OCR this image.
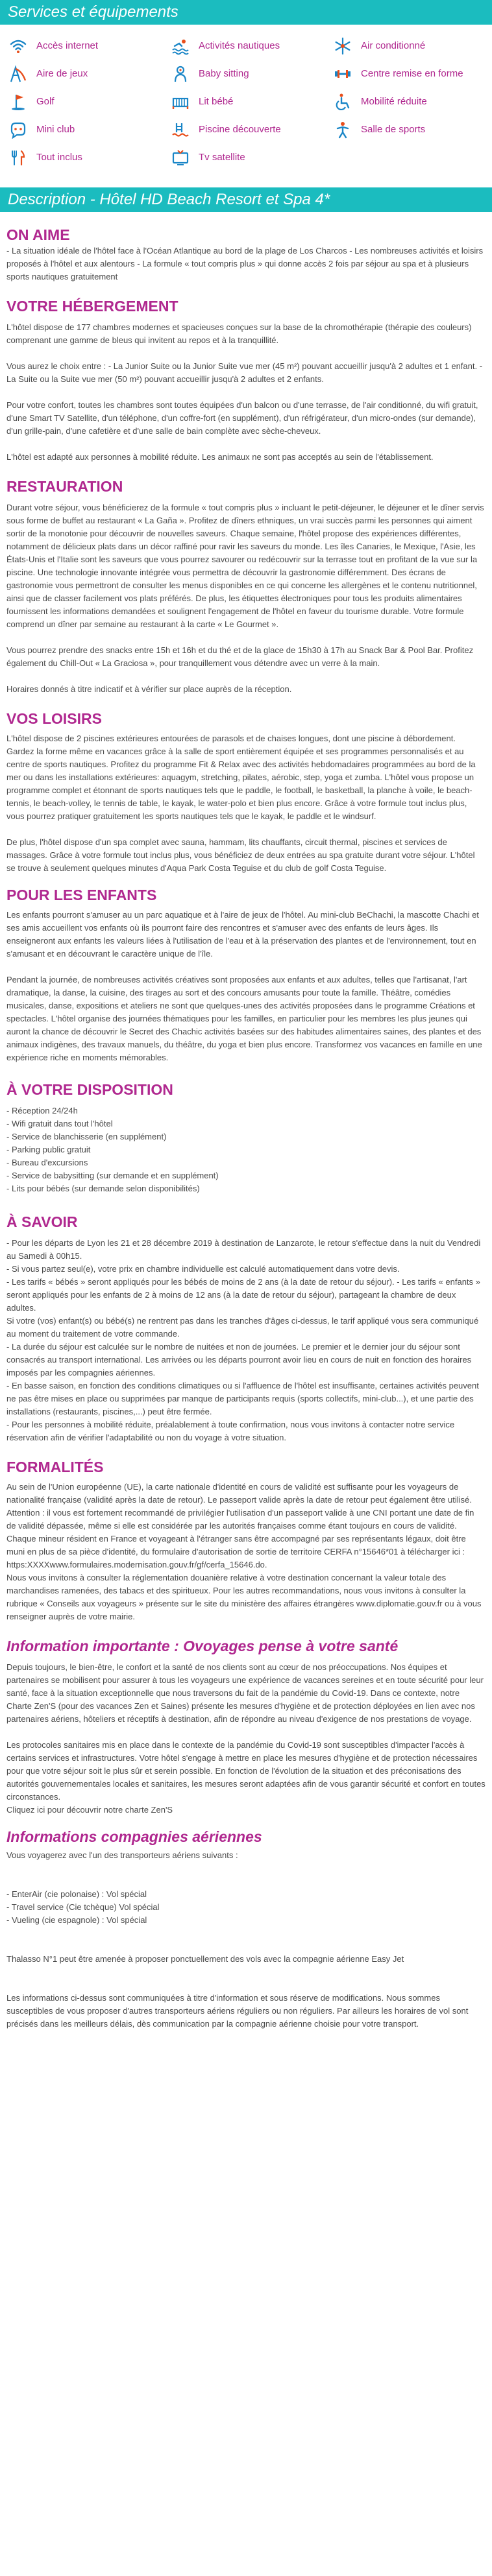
Services et équipements
Accès internet	Activités nautiques	Air conditionné
Aire de jeux	Baby sitting	Centre remise en forme
Golf	Lit bébé	Mobilité réduite
Mini club	Piscine découverte	Salle de sports
Tout inclus	Tv satellite
Description - Hôtel HD Beach Resort et Spa 4*
ON AIME

- La situation idéale de l'hôtel face à l'Océan Atlantique au bord de la plage de Los Charcos - Les nombreuses activités et loisirs proposés à l'hôtel et aux alentours - La formule « tout compris plus » qui donne accès 2 fois par séjour au spa et à plusieurs sports nautiques gratuitement

VOTRE HÉBERGEMENT

L'hôtel dispose de 177 chambres modernes et spacieuses conçues sur la base de la chromothérapie (thérapie des couleurs) comprenant une gamme de bleus qui invitent au repos et à la tranquillité.

Vous aurez le choix entre : - La Junior Suite ou la Junior Suite vue mer (45 m²) pouvant accueillir jusqu'à 2 adultes et 1 enfant. - La Suite ou la Suite vue mer (50 m²) pouvant accueillir jusqu'à 2 adultes et 2 enfants.

Pour votre confort, toutes les chambres sont toutes équipées d'un balcon ou d'une terrasse, de l'air conditionné, du wifi gratuit, d'une Smart TV Satellite, d'un téléphone, d'un coffre-fort (en supplément), d'un réfrigérateur, d'un micro-ondes (sur demande), d'un grille-pain, d'une cafetière et d'une salle de bain complète avec sèche-cheveux.

L'hôtel est adapté aux personnes à mobilité réduite. Les animaux ne sont pas acceptés au sein de l'établissement.

RESTAURATION

Durant votre séjour, vous bénéficierez de la formule « tout compris plus » incluant le petit-déjeuner, le déjeuner et le dîner servis sous forme de buffet au restaurant « La Gaña ». Profitez de dîners ethniques, un vrai succès parmi les personnes qui aiment sortir de la monotonie pour découvrir de nouvelles saveurs. Chaque semaine, l'hôtel propose des expériences différentes, notamment de délicieux plats dans un décor raffiné pour ravir les saveurs du monde. Les îles Canaries, le Mexique, l'Asie, les États-Unis et l'Italie sont les saveurs que vous pourrez savourer ou redécouvrir sur la terrasse tout en profitant de la vue sur la piscine. Une technologie innovante intégrée vous permettra de découvrir la gastronomie différemment. Des écrans de gastronomie vous permettront de consulter les menus disponibles en ce qui concerne les allergènes et le contenu nutritionnel, ainsi que de classer facilement vos plats préférés. De plus, les étiquettes électroniques pour tous les produits alimentaires fournissent les informations demandées et soulignent l'engagement de l'hôtel en faveur du tourisme durable. Votre formule comprend un dîner par semaine au restaurant à la carte « Le Gourmet ».

Vous pourrez prendre des snacks entre 15h et 16h et du thé et de la glace de 15h30 à 17h au Snack Bar & Pool Bar. Profitez également du Chill-Out « La Graciosa », pour tranquillement vous détendre avec un verre à la main.

Horaires donnés à titre indicatif et à vérifier sur place auprès de la réception.

VOS LOISIRS

L'hôtel dispose de 2 piscines extérieures entourées de parasols et de chaises longues, dont une piscine à débordement. Gardez la forme même en vacances grâce à la salle de sport entièrement équipée et ses programmes personnalisés et au centre de sports nautiques. Profitez du programme Fit & Relax avec des activités hebdomadaires programmées au bord de la mer ou dans les installations extérieures: aquagym, stretching, pilates, aérobic, step, yoga et zumba. L'hôtel vous propose un programme complet et étonnant de sports nautiques tels que le paddle, le football, le basketball, la planche à voile, le beach-tennis, le beach-volley, le tennis de table, le kayak, le water-polo et bien plus encore. Grâce à votre formule tout inclus plus, vous pourrez pratiquer gratuitement les sports nautiques tels que le kayak, le paddle et le windsurf.

De plus, l'hôtel dispose d'un spa complet avec sauna, hammam, lits chauffants, circuit thermal, piscines et services de massages. Grâce à votre formule tout inclus plus, vous bénéficiez de deux entrées au spa gratuite durant votre séjour. L'hôtel se trouve à seulement quelques minutes d'Aqua Park Costa Teguise et du club de golf Costa Teguise.

POUR LES ENFANTS

Les enfants pourront s'amuser au un parc aquatique et à l'aire de jeux de l'hôtel. Au mini-club BeChachi, la mascotte Chachi et ses amis accueillent vos enfants où ils pourront faire des rencontres et s'amuser avec des enfants de leurs âges. Ils enseigneront aux enfants les valeurs liées à l'utilisation de l'eau et à la préservation des plantes et de l'environnement, tout en s'amusant et en découvrant le caractère unique de l'île.

Pendant la journée, de nombreuses activités créatives sont proposées aux enfants et aux adultes, telles que l'artisanat, l'art dramatique, la danse, la cuisine, des tirages au sort et des concours amusants pour toute la famille. Théâtre, comédies musicales, danse, expositions et ateliers ne sont que quelques-unes des activités proposées dans le programme Créations et spectacles. L'hôtel organise des journées thématiques pour les familles, en particulier pour les membres les plus jeunes qui auront la chance de découvrir le Secret des Chachic activités basées sur des habitudes alimentaires saines, des plantes et des animaux indigènes, des travaux manuels, du théâtre, du yoga et bien plus encore. Transformez vos vacances en famille en une expérience riche en moments mémorables.

À VOTRE DISPOSITION
- Réception 24/24h
- Wifi gratuit dans tout l'hôtel
- Service de blanchisserie (en supplément)
- Parking public gratuit
- Bureau d'excursions
- Service de babysitting (sur demande et en supplément)
- Lits pour bébés (sur demande selon disponibilités)
À SAVOIR

- Pour les départs de Lyon les 21 et 28 décembre 2019 à destination de Lanzarote, le retour s'effectue dans la nuit du Vendredi au Samedi à 00h15.

- Si vous partez seul(e), votre prix en chambre individuelle est calculé automatiquement dans votre devis.

- Les tarifs « bébés » seront appliqués pour les bébés de moins de 2 ans (à la date de retour du séjour). - Les tarifs « enfants » seront appliqués pour les enfants de 2 à moins de 12 ans (à la date de retour du séjour), partageant la chambre de deux adultes.

Si votre (vos) enfant(s) ou bébé(s) ne rentrent pas dans les tranches d'âges ci-dessus, le tarif appliqué vous sera communiqué au moment du traitement de votre commande.

- La durée du séjour est calculée sur le nombre de nuitées et non de journées. Le premier et le dernier jour du séjour sont consacrés au transport international. Les arrivées ou les départs pourront avoir lieu en cours de nuit en fonction des horaires imposés par les compagnies aériennes.

- En basse saison, en fonction des conditions climatiques ou si l'affluence de l'hôtel est insuffisante, certaines activités peuvent ne pas être mises en place ou supprimées par manque de participants requis (sports collectifs, mini-club...), et une partie des installations (restaurants, piscines,...) peut être fermée.

- Pour les personnes à mobilité réduite, préalablement à toute confirmation, nous vous invitons à contacter notre service réservation afin de vérifier l'adaptabilité ou non du voyage à votre situation.

FORMALITÉS

Au sein de l'Union européenne (UE), la carte nationale d'identité en cours de validité est suffisante pour les voyageurs de nationalité française (validité après la date de retour). Le passeport valide après la date de retour peut également être utilisé. Attention : il vous est fortement recommandé de privilégier l'utilisation d'un passeport valide à une CNI portant une date de fin de validité dépassée, même si elle est considérée par les autorités françaises comme étant toujours en cours de validité. Chaque mineur résident en France et voyageant à l'étranger sans être accompagné par ses représentants légaux, doit être muni en plus de sa pièce d'identité, du formulaire d'autorisation de sortie de territoire CERFA n°15646*01 à télécharger ici : https:XXXXwww.formulaires.modernisation.gouv.fr/gf/cerfa_15646.do.

Nous vous invitons à consulter la réglementation douanière relative à votre destination concernant la valeur totale des marchandises ramenées, des tabacs et des spiritueux. Pour les autres recommandations, nous vous invitons à consulter la rubrique « Conseils aux voyageurs » présente sur le site du ministère des affaires étrangères www.diplomatie.gouv.fr ou à vous renseigner auprès de votre mairie.

Information importante : Ovoyages pense à votre santé

Depuis toujours, le bien-être, le confort et la santé de nos clients sont au cœur de nos préoccupations. Nos équipes et partenaires se mobilisent pour assurer à tous les voyageurs une expérience de vacances sereines et en toute sécurité pour leur santé, face à la situation exceptionnelle que nous traversons du fait de la pandémie du Covid-19. Dans ce contexte, notre Charte Zen'S (pour des vacances Zen et Saines) présente les mesures d'hygiène et de protection déployées en lien avec nos partenaires aériens, hôteliers et réceptifs à destination, afin de répondre au niveau d'exigence de nos prestations de voyage.

Les protocoles sanitaires mis en place dans le contexte de la pandémie du Covid-19 sont susceptibles d'impacter l'accès à certains services et infrastructures. Votre hôtel s'engage à mettre en place les mesures d'hygiène et de protection nécessaires pour que votre séjour soit le plus sûr et serein possible. En fonction de l'évolution de la situation et des préconisations des autorités gouvernementales locales et sanitaires, les mesures seront adaptées afin de vous garantir sécurité et confort en toutes circonstances.

Cliquez ici pour découvrir notre charte Zen'S

Informations compagnies aériennes

Vous voyagerez avec l'un des transporteurs aériens suivants :

- EnterAir (cie polonaise) : Vol spécial
- Travel service (Cie tchèque) Vol spécial
- Vueling (cie espagnole) : Vol spécial

Thalasso N°1 peut être amenée à proposer ponctuellement des vols avec la compagnie aérienne Easy Jet

Les informations ci-dessus sont communiquées à titre d'information et sous réserve de modifications. Nous sommes susceptibles de vous proposer d'autres transporteurs aériens réguliers ou non réguliers. Par ailleurs les horaires de vol sont précisés dans les meilleurs délais, dès communication par la compagnie aérienne choisie pour votre transport.
